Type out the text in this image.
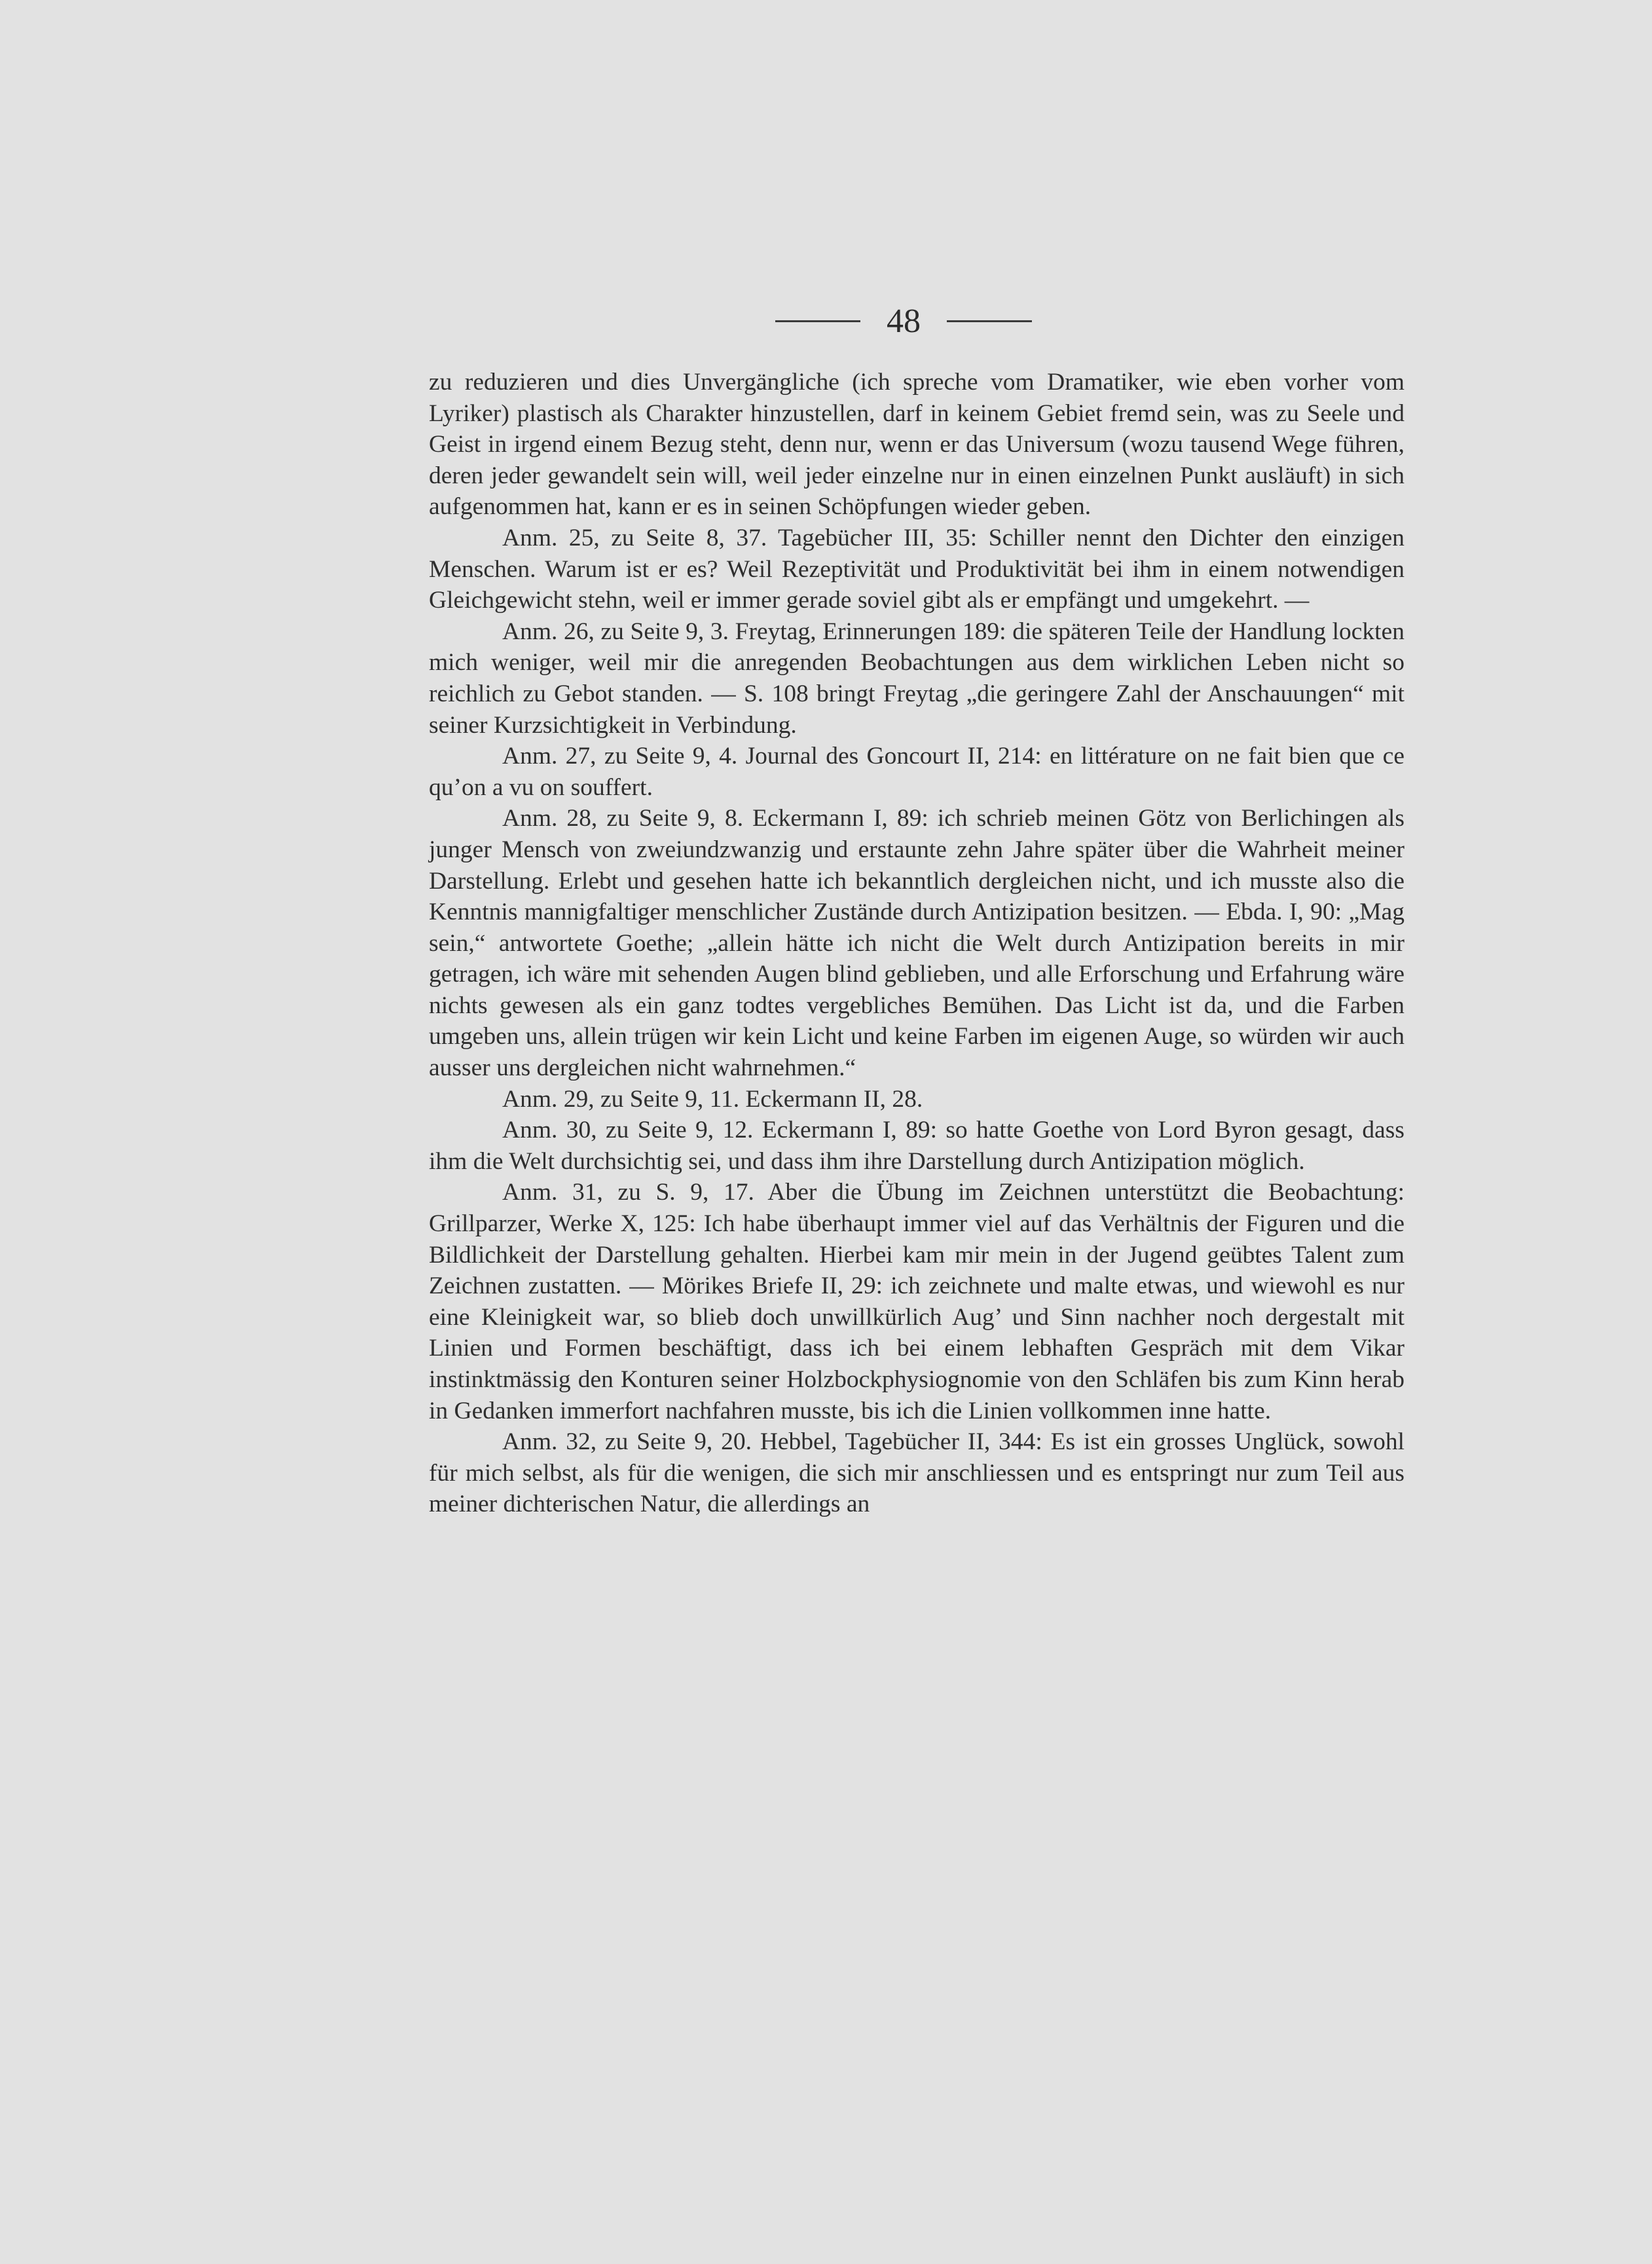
48

zu reduzieren und dies Unvergängliche (ich spreche vom Dramatiker, wie eben vorher vom Lyriker) plastisch als Charakter hinzustellen, darf in keinem Gebiet fremd sein, was zu Seele und Geist in irgend einem Bezug steht, denn nur, wenn er das Universum (wozu tausend Wege führen, deren jeder gewandelt sein will, weil jeder einzelne nur in einen einzelnen Punkt ausläuft) in sich aufgenommen hat, kann er es in seinen Schöpfungen wieder geben.

Anm. 25, zu Seite 8, 37. Tagebücher III, 35: Schiller nennt den Dichter den einzigen Menschen. Warum ist er es? Weil Rezeptivität und Produktivität bei ihm in einem notwendigen Gleichgewicht stehn, weil er immer gerade soviel gibt als er empfängt und umgekehrt. —

Anm. 26, zu Seite 9, 3. Freytag, Erinnerungen 189: die späteren Teile der Handlung lockten mich weniger, weil mir die anregenden Beobachtungen aus dem wirklichen Leben nicht so reichlich zu Gebot standen. — S. 108 bringt Freytag „die geringere Zahl der Anschauungen“ mit seiner Kurzsichtigkeit in Verbindung.

Anm. 27, zu Seite 9, 4. Journal des Goncourt II, 214: en littérature on ne fait bien que ce qu’on a vu on souffert.

Anm. 28, zu Seite 9, 8. Eckermann I, 89: ich schrieb meinen Götz von Berlichingen als junger Mensch von zweiundzwanzig und erstaunte zehn Jahre später über die Wahrheit meiner Darstellung. Erlebt und gesehen hatte ich bekanntlich dergleichen nicht, und ich musste also die Kenntnis mannigfaltiger menschlicher Zustände durch Antizipation besitzen. — Ebda. I, 90: „Mag sein,“ antwortete Goethe; „allein hätte ich nicht die Welt durch Antizipation bereits in mir getragen, ich wäre mit sehenden Augen blind geblieben, und alle Erforschung und Erfahrung wäre nichts gewesen als ein ganz todtes vergebliches Bemühen. Das Licht ist da, und die Farben umgeben uns, allein trügen wir kein Licht und keine Farben im eigenen Auge, so würden wir auch ausser uns dergleichen nicht wahrnehmen.“

Anm. 29, zu Seite 9, 11. Eckermann II, 28.

Anm. 30, zu Seite 9, 12. Eckermann I, 89: so hatte Goethe von Lord Byron gesagt, dass ihm die Welt durchsichtig sei, und dass ihm ihre Darstellung durch Antizipation möglich.

Anm. 31, zu S. 9, 17. Aber die Übung im Zeichnen unterstützt die Beobachtung: Grillparzer, Werke X, 125: Ich habe überhaupt immer viel auf das Verhältnis der Figuren und die Bildlichkeit der Darstellung gehalten. Hierbei kam mir mein in der Jugend geübtes Talent zum Zeichnen zustatten. — Mörikes Briefe II, 29: ich zeichnete und malte etwas, und wiewohl es nur eine Kleinigkeit war, so blieb doch unwillkürlich Aug’ und Sinn nachher noch dergestalt mit Linien und Formen beschäftigt, dass ich bei einem lebhaften Gespräch mit dem Vikar instinktmässig den Konturen seiner Holzbockphysiognomie von den Schläfen bis zum Kinn herab in Gedanken immerfort nachfahren musste, bis ich die Linien vollkommen inne hatte.

Anm. 32, zu Seite 9, 20. Hebbel, Tagebücher II, 344: Es ist ein grosses Unglück, sowohl für mich selbst, als für die wenigen, die sich mir anschliessen und es entspringt nur zum Teil aus meiner dichterischen Natur, die allerdings an
